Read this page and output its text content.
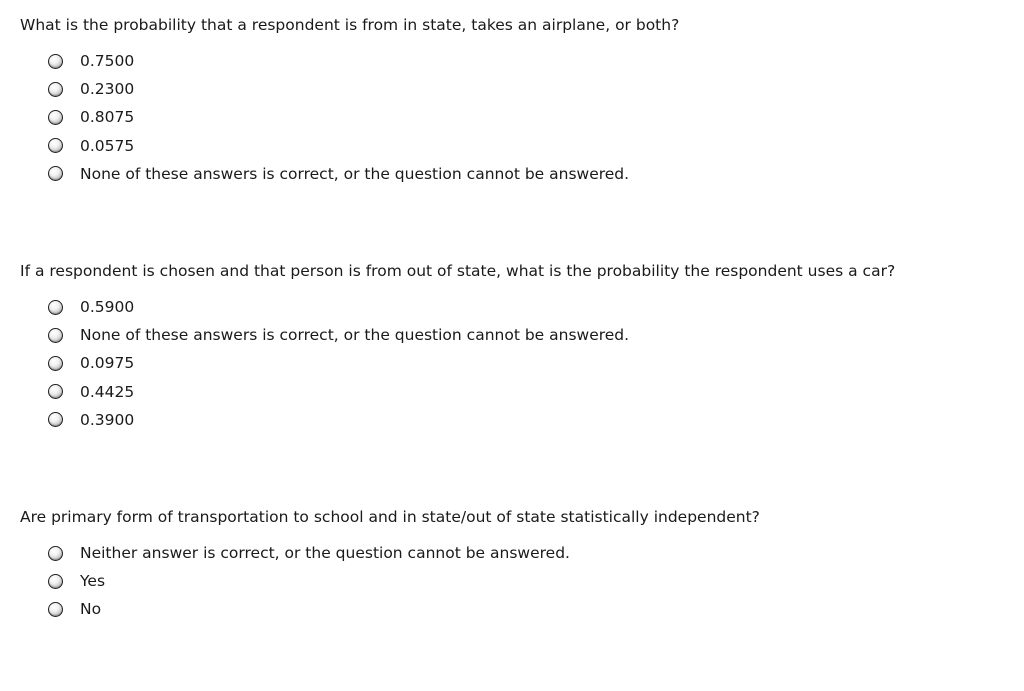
What is the probability that a respondent is from in state, takes an airplane, or both?

0.7500
0.2300
0.8075
0.0575
None of these answers is correct, or the question cannot be answered.

If a respondent is chosen and that person is from out of state, what is the probability the respondent uses a car?

0.5900
None of these answers is correct, or the question cannot be answered.
0.0975
0.4425
0.3900

Are primary form of transportation to school and in state/out of state statistically independent?

Neither answer is correct, or the question cannot be answered.
Yes
No
